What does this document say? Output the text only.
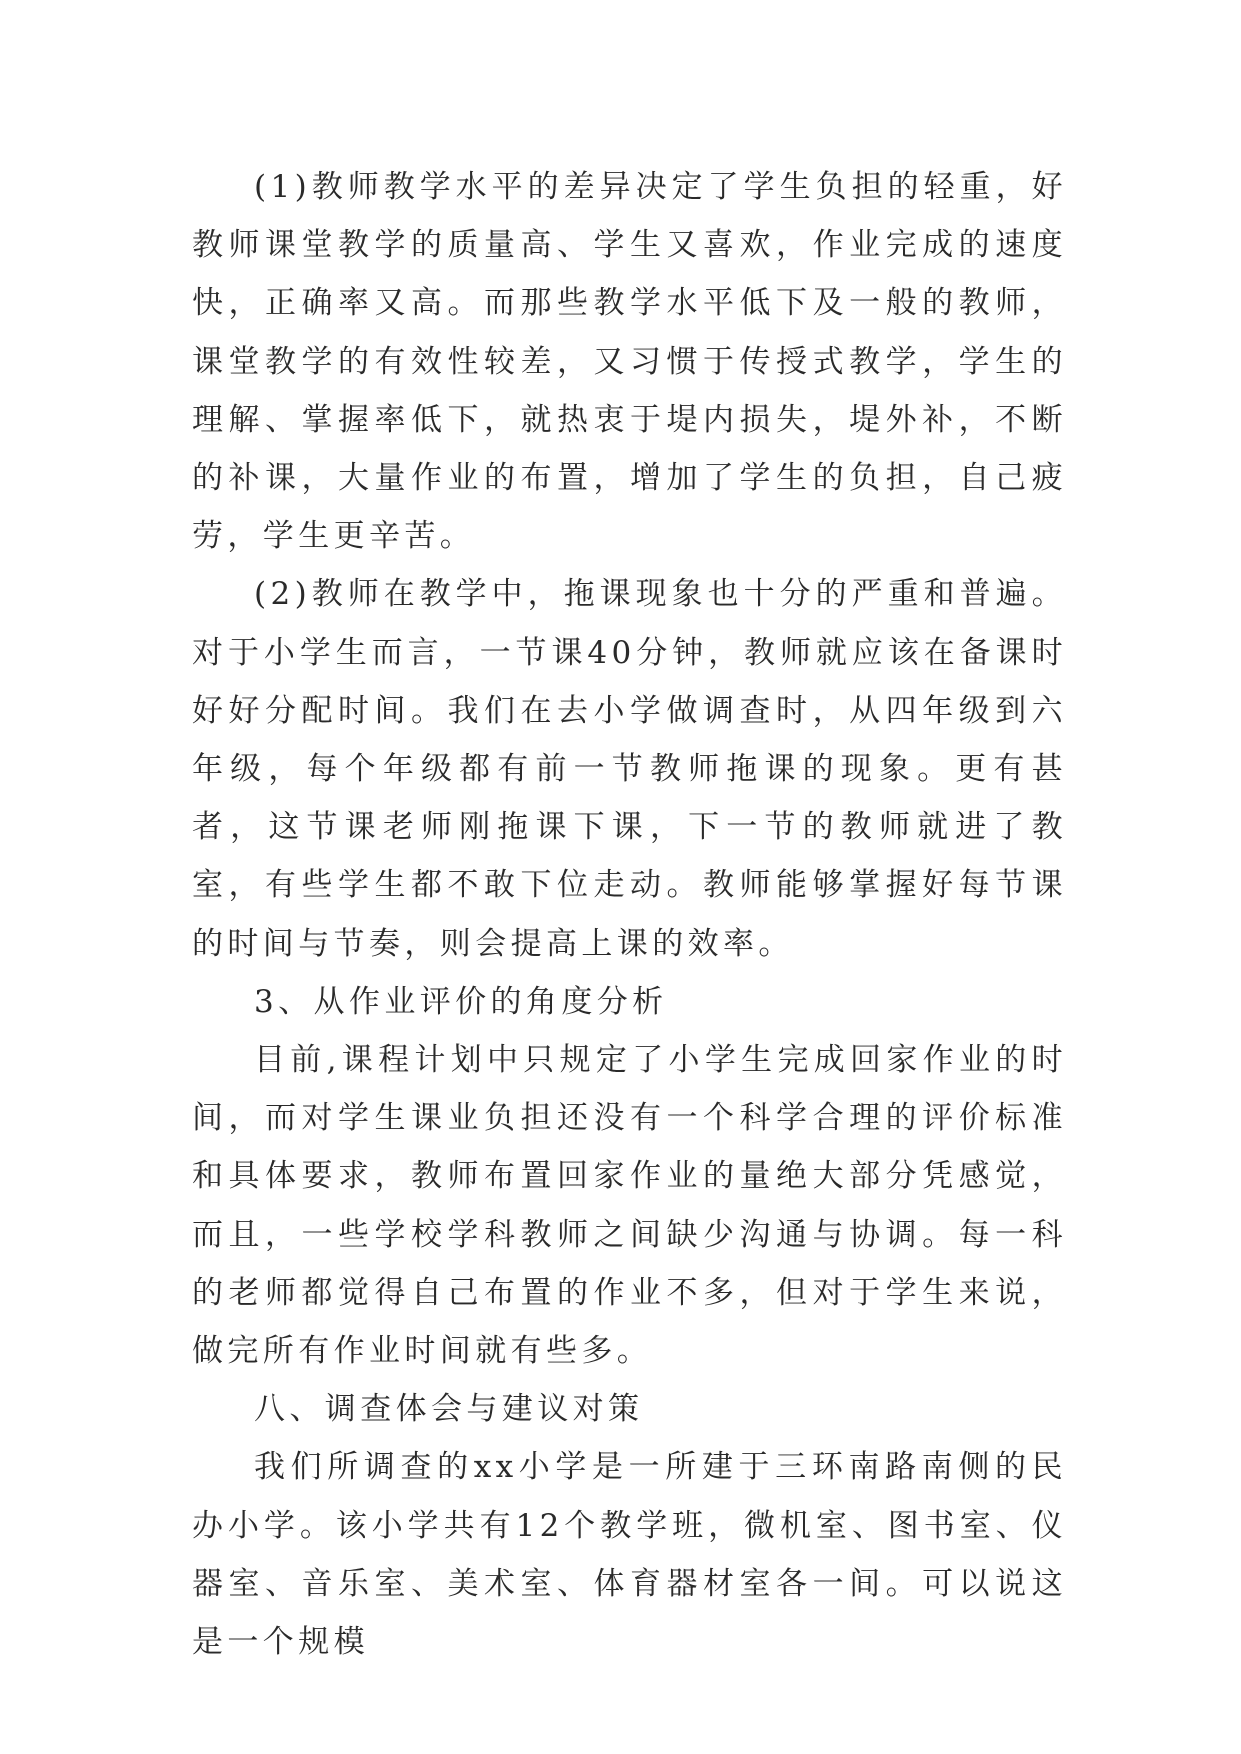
(1)教师教学水平的差异决定了学生负担的轻重，好教师课堂教学的质量高、学生又喜欢，作业完成的速度快，正确率又高。而那些教学水平低下及一般的教师，课堂教学的有效性较差，又习惯于传授式教学，学生的理解、掌握率低下，就热衷于堤内损失，堤外补，不断的补课，大量作业的布置，增加了学生的负担，自己疲劳，学生更辛苦。

(2)教师在教学中，拖课现象也十分的严重和普遍。对于小学生而言，一节课40分钟，教师就应该在备课时好好分配时间。我们在去小学做调查时，从四年级到六年级，每个年级都有前一节教师拖课的现象。更有甚者，这节课老师刚拖课下课，下一节的教师就进了教室，有些学生都不敢下位走动。教师能够掌握好每节课的时间与节奏，则会提高上课的效率。

3、从作业评价的角度分析

目前,课程计划中只规定了小学生完成回家作业的时间，而对学生课业负担还没有一个科学合理的评价标准和具体要求，教师布置回家作业的量绝大部分凭感觉，而且，一些学校学科教师之间缺少沟通与协调。每一科的老师都觉得自己布置的作业不多，但对于学生来说，做完所有作业时间就有些多。

八、调查体会与建议对策

我们所调查的xx小学是一所建于三环南路南侧的民办小学。该小学共有12个教学班，微机室、图书室、仪器室、音乐室、美术室、体育器材室各一间。可以说这是一个规模
